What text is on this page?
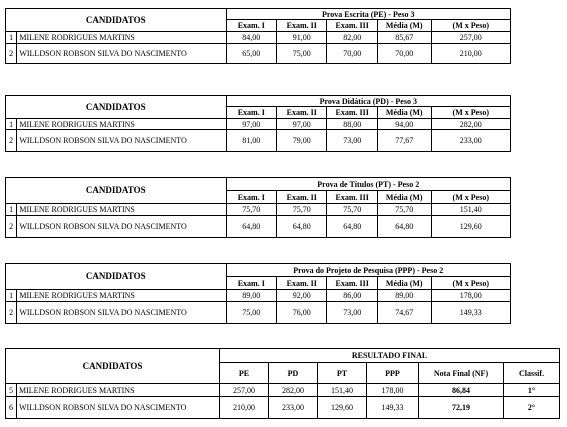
CANDIDATOS		Prova Escrita (PE) - Peso 3				
		Exam. I	Exam. II	Exam. III	Média (M)	(M x Peso)
1	MILENE RODRIGUES MARTINS	84,00	91,00	82,00	85,67	257,00
2	WILLDSON ROBSON SILVA DO NASCIMENTO	65,00	75,00	70,00	70,00	210,00
CANDIDATOS		Prova Didática (PD) - Peso 3				
		Exam. I	Exam. II	Exam. III	Média (M)	(M x Peso)
1	MILENE RODRIGUES MARTINS	97,00	97,00	88,00	94,00	282,00
2	WILLDSON ROBSON SILVA DO NASCIMENTO	81,00	79,00	73,00	77,67	233,00
CANDIDATOS		Prova de Títulos (PT) - Peso 2				
		Exam. I	Exam. II	Exam. III	Média (M)	(M x Peso)
1	MILENE RODRIGUES MARTINS	75,70	75,70	75,70	75,70	151,40
2	WILLDSON ROBSON SILVA DO NASCIMENTO	64,80	64,80	64,80	64,80	129,60
CANDIDATOS		Prova do Projeto de Pesquisa (PPP) - Peso 2				
		Exam. I	Exam. II	Exam. III	Média (M)	(M x Peso)
1	MILENE RODRIGUES MARTINS	89,00	92,00	86,00	89,00	178,00
2	WILLDSON ROBSON SILVA DO NASCIMENTO	75,00	76,00	73,00	74,67	149,33
CANDIDATOS		RESULTADO FINAL					
		PE	PD	PT	PPP	Nota Final (NF)	Classif.
5	MILENE RODRIGUES MARTINS	257,00	282,00	151,40	178,00	86,84	1°
6	WILLDSON ROBSON SILVA DO NASCIMENTO	210,00	233,00	129,60	149,33	72,19	2°
